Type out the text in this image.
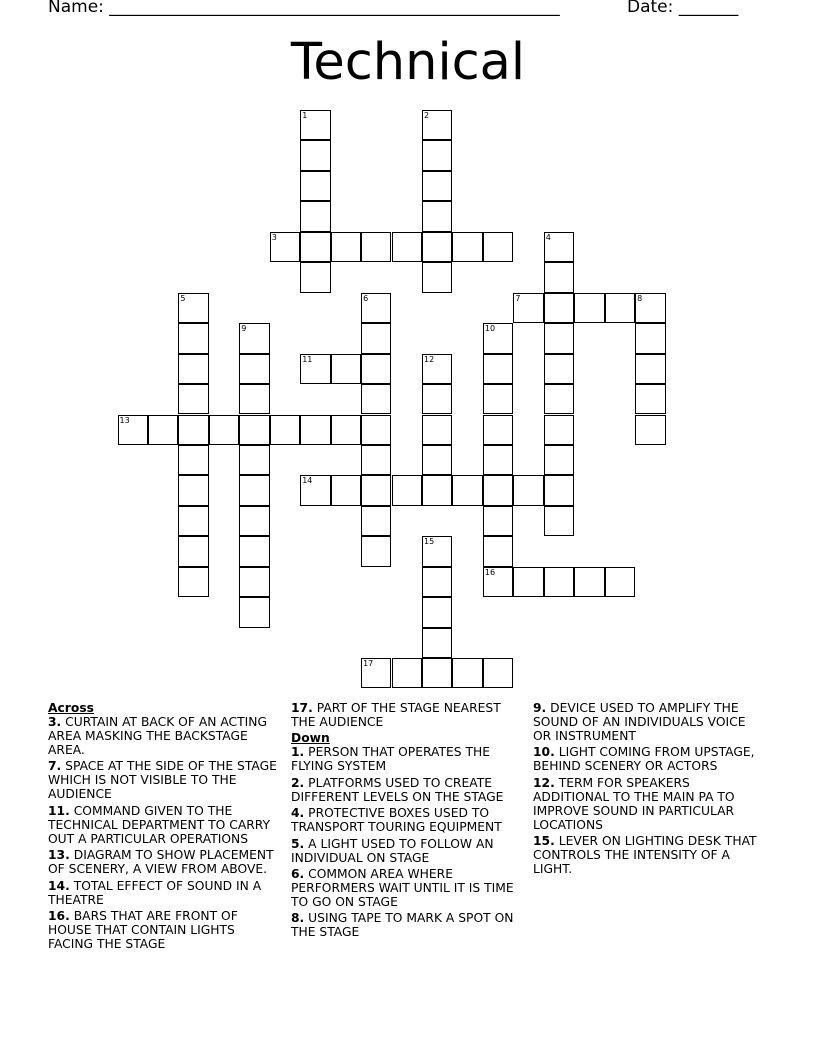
Name: _____________________________________________________	Date: _______
Technical
1	2
3	4
5	6	7	8
9	10
11	12
13
14
15
16
17
Across
3. CURTAIN AT BACK OF AN ACTING AREA MASKING THE BACKSTAGE AREA.
7. SPACE AT THE SIDE OF THE STAGE WHICH IS NOT VISIBLE TO THE AUDIENCE
11. COMMAND GIVEN TO THE TECHNICAL DEPARTMENT TO CARRY OUT A PARTICULAR OPERATIONS
13. DIAGRAM TO SHOW PLACEMENT OF SCENERY, A VIEW FROM ABOVE.
14. TOTAL EFFECT OF SOUND IN A THEATRE
16. BARS THAT ARE FRONT OF HOUSE THAT CONTAIN LIGHTS FACING THE STAGE
17. PART OF THE STAGE NEAREST THE AUDIENCE
Down
1. PERSON THAT OPERATES THE FLYING SYSTEM
2. PLATFORMS USED TO CREATE DIFFERENT LEVELS ON THE STAGE
4. PROTECTIVE BOXES USED TO TRANSPORT TOURING EQUIPMENT
5. A LIGHT USED TO FOLLOW AN INDIVIDUAL ON STAGE
6. COMMON AREA WHERE PERFORMERS WAIT UNTIL IT IS TIME TO GO ON STAGE
8. USING TAPE TO MARK A SPOT ON THE STAGE
9. DEVICE USED TO AMPLIFY THE SOUND OF AN INDIVIDUALS VOICE OR INSTRUMENT
10. LIGHT COMING FROM UPSTAGE, BEHIND SCENERY OR ACTORS
12. TERM FOR SPEAKERS ADDITIONAL TO THE MAIN PA TO IMPROVE SOUND IN PARTICULAR LOCATIONS
15. LEVER ON LIGHTING DESK THAT CONTROLS THE INTENSITY OF A LIGHT.
